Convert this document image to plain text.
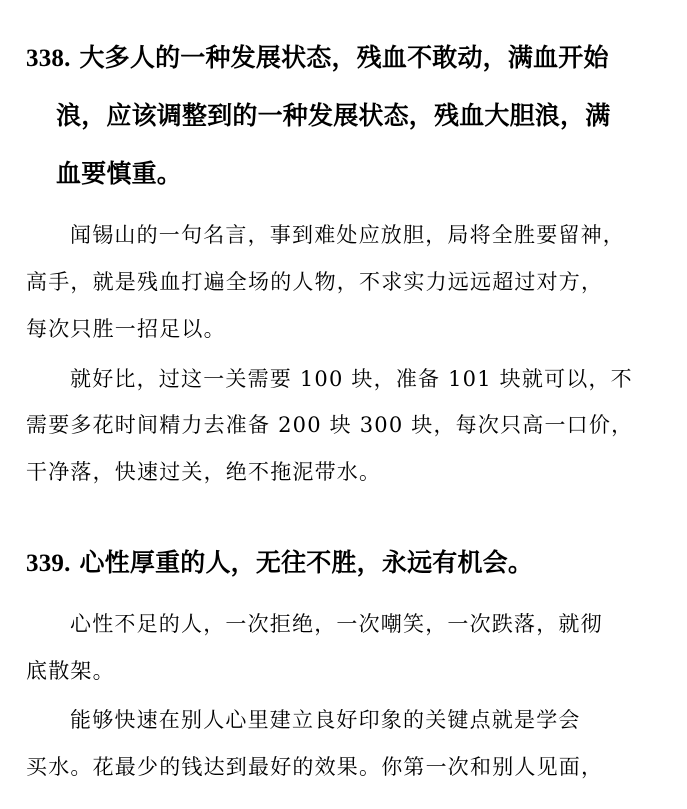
338. 大多人的一种发展状态，残血不敢动，满血开始
浪，应该调整到的一种发展状态，残血大胆浪，满
血要慎重。
闻锡山的一句名言，事到难处应放胆，局将全胜要留神，
高手，就是残血打遍全场的人物，不求实力远远超过对方，
每次只胜一招足以。
就好比，过这一关需要 100 块，准备 101 块就可以，不
需要多花时间精力去准备 200 块 300 块，每次只高一口价，
干净落，快速过关，绝不拖泥带水。
339. 心性厚重的人，无往不胜，永远有机会。
心性不足的人，一次拒绝，一次嘲笑，一次跌落，就彻
底散架。
能够快速在别人心里建立良好印象的关键点就是学会
买水。花最少的钱达到最好的效果。你第一次和别人见面，
